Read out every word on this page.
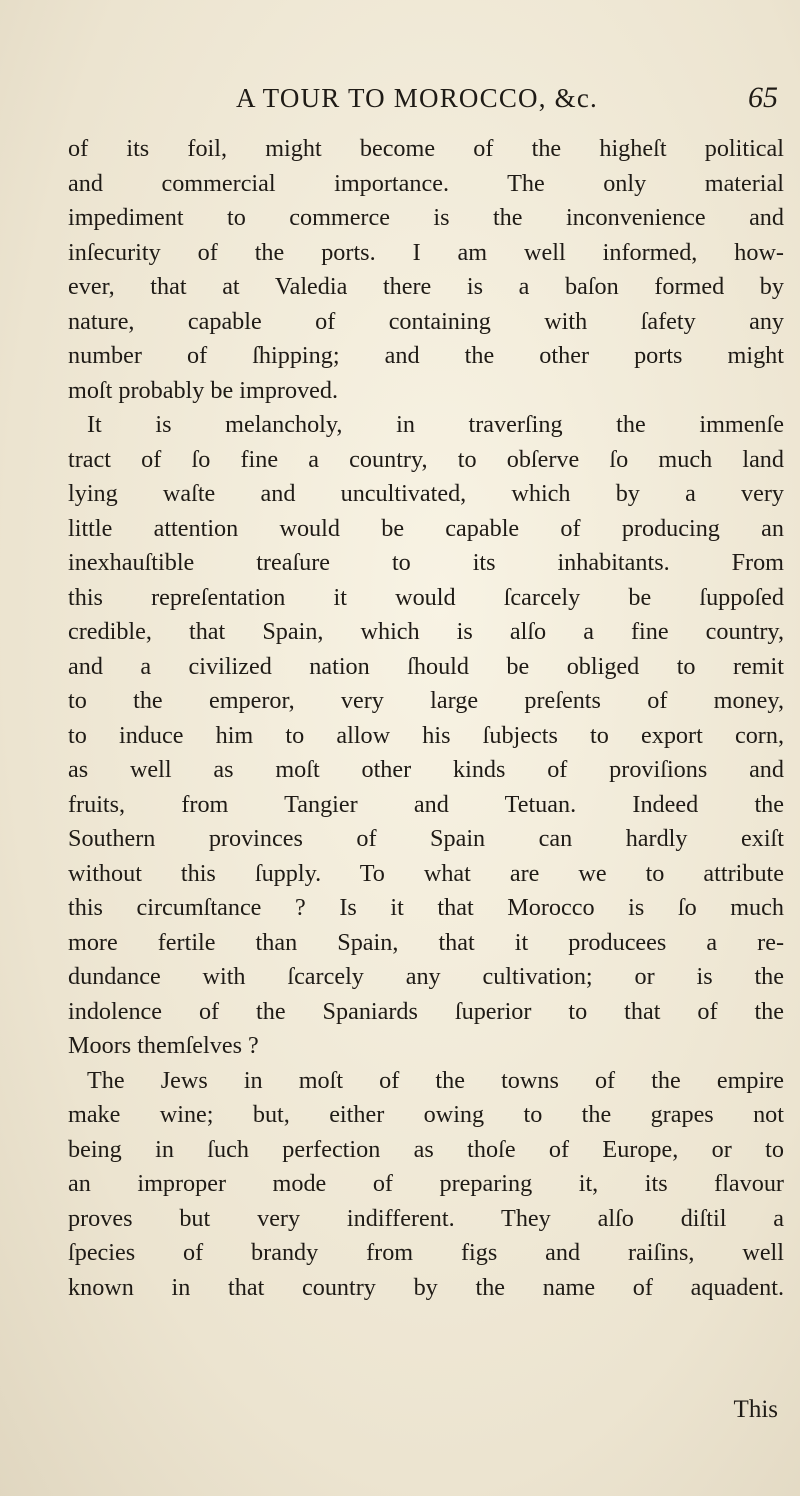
A TOUR TO MOROCCO, &c.	65
of its foil, might become of the higheſt political
and commercial importance. The only material
impediment to commerce is the inconvenience and
inſecurity of the ports. I am well informed, how-
ever, that at Valedia there is a baſon formed by
nature, capable of containing with ſafety any
number of ſhipping; and the other ports might
moſt probably be improved.
It is melancholy, in traverſing the immenſe
tract of ſo fine a country, to obſerve ſo much land
lying waſte and uncultivated, which by a very
little attention would be capable of producing an
inexhauſtible treaſure to its inhabitants. From
this repreſentation it would ſcarcely be ſuppoſed
credible, that Spain, which is alſo a fine country,
and a civilized nation ſhould be obliged to remit
to the emperor, very large preſents of money,
to induce him to allow his ſubjects to export corn,
as well as moſt other kinds of proviſions and
fruits, from Tangier and Tetuan. Indeed the
Southern provinces of Spain can hardly exiſt
without this ſupply. To what are we to attribute
this circumſtance ? Is it that Morocco is ſo much
more fertile than Spain, that it producees a re-
dundance with ſcarcely any cultivation; or is the
indolence of the Spaniards ſuperior to that of the
Moors themſelves ?
The Jews in moſt of the towns of the empire
make wine; but, either owing to the grapes not
being in ſuch perfection as thoſe of Europe, or to
an improper mode of preparing it, its flavour
proves but very indifferent. They alſo diſtil a
ſpecies of brandy from figs and raiſins, well
known in that country by the name of aquadent.
This
